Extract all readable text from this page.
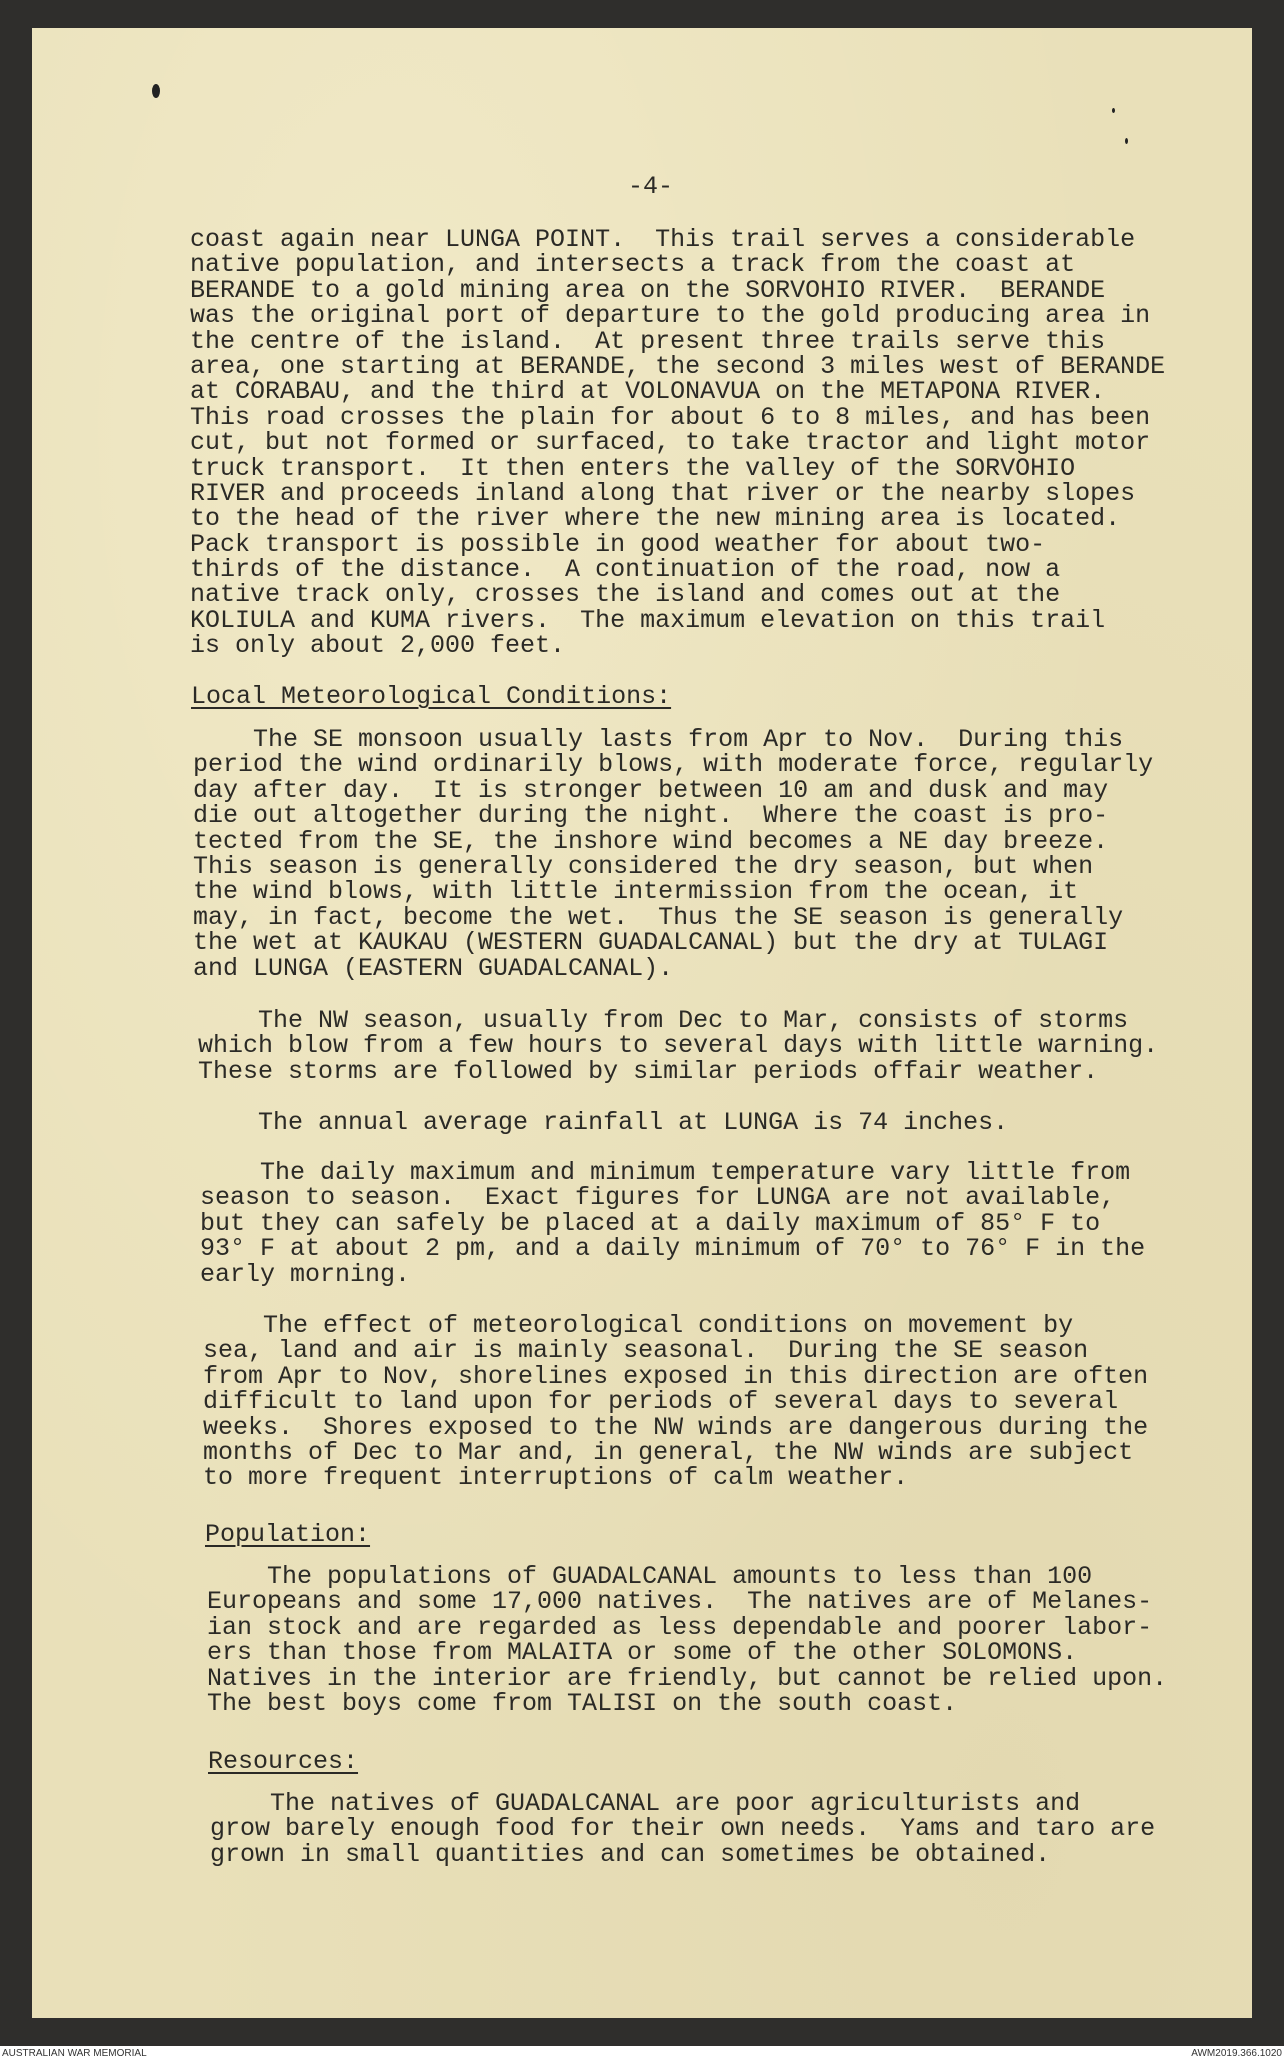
-4-
coast again near LUNGA POINT.  This trail serves a considerable
native population, and intersects a track from the coast at
BERANDE to a gold mining area on the SORVOHIO RIVER.  BERANDE
was the original port of departure to the gold producing area in
the centre of the island.  At present three trails serve this
area, one starting at BERANDE, the second 3 miles west of BERANDE
at CORABAU, and the third at VOLONAVUA on the METAPONA RIVER.
This road crosses the plain for about 6 to 8 miles, and has been
cut, but not formed or surfaced, to take tractor and light motor
truck transport.  It then enters the valley of the SORVOHIO
RIVER and proceeds inland along that river or the nearby slopes
to the head of the river where the new mining area is located.
Pack transport is possible in good weather for about two-
thirds of the distance.  A continuation of the road, now a
native track only, crosses the island and comes out at the
KOLIULA and KUMA rivers.  The maximum elevation on this trail
is only about 2,000 feet.
Local Meteorological Conditions:
The SE monsoon usually lasts from Apr to Nov.  During this
period the wind ordinarily blows, with moderate force, regularly
day after day.  It is stronger between 10 am and dusk and may
die out altogether during the night.  Where the coast is pro-
tected from the SE, the inshore wind becomes a NE day breeze.
This season is generally considered the dry season, but when
the wind blows, with little intermission from the ocean, it
may, in fact, become the wet.  Thus the SE season is generally
the wet at KAUKAU (WESTERN GUADALCANAL) but the dry at TULAGI
and LUNGA (EASTERN GUADALCANAL).
The NW season, usually from Dec to Mar, consists of storms
which blow from a few hours to several days with little warning.
These storms are followed by similar periods offair weather.
The annual average rainfall at LUNGA is 74 inches.
The daily maximum and minimum temperature vary little from
season to season.  Exact figures for LUNGA are not available,
but they can safely be placed at a daily maximum of 85° F to
93° F at about 2 pm, and a daily minimum of 70° to 76° F in the
early morning.
The effect of meteorological conditions on movement by
sea, land and air is mainly seasonal.  During the SE season
from Apr to Nov, shorelines exposed in this direction are often
difficult to land upon for periods of several days to several
weeks.  Shores exposed to the NW winds are dangerous during the
months of Dec to Mar and, in general, the NW winds are subject
to more frequent interruptions of calm weather.
Population:
The populations of GUADALCANAL amounts to less than 100
Europeans and some 17,000 natives.  The natives are of Melanes-
ian stock and are regarded as less dependable and poorer labor-
ers than those from MALAITA or some of the other SOLOMONS.
Natives in the interior are friendly, but cannot be relied upon.
The best boys come from TALISI on the south coast.
Resources:
The natives of GUADALCANAL are poor agriculturists and
grow barely enough food for their own needs.  Yams and taro are
grown in small quantities and can sometimes be obtained.
AUSTRALIAN WAR MEMORIAL	AWM2019.366.1020
